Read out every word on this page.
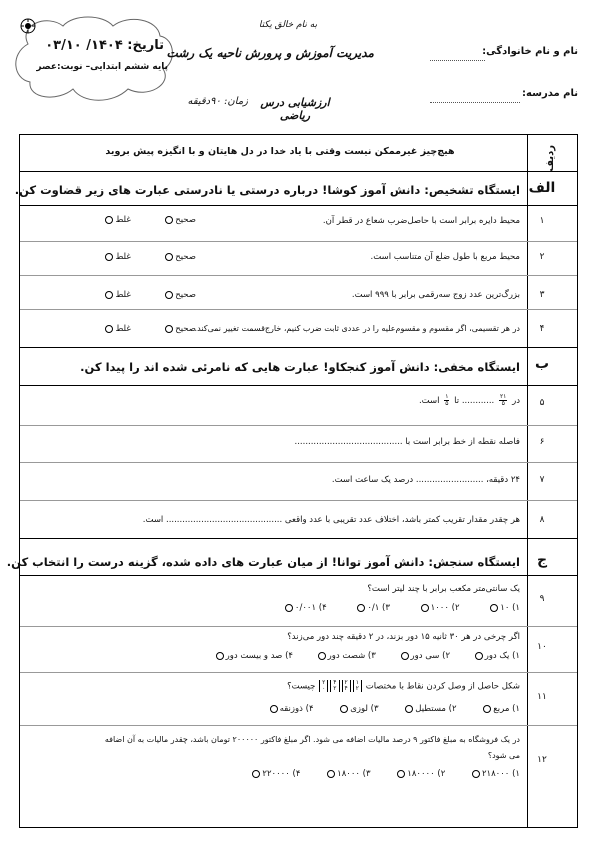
تاریخ: ۱۴۰۴/ ۰۳/۱۰
پایه ششم ابتدایی– نوبت:عصر
به نام خالق یکتا
مدیریت آموزش و پرورش ناحیه یک رشت
ارزشیابی درس ریاضی
زمان: ۹۰دقیقه
نام و نام خانوادگی:
نام مدرسه:
ردیف
هیچ‌چیز غیرممکن نیست وقتی با یاد خدا در دل هایتان و با انگیزه پیش بروید
الف
ایستگاه تشخیص: دانش آموز کوشا! درباره درستی یا نادرستی عبارت های زیر قضاوت کن.
۱
محیط دایره برابر است با حاصل‌ضرب شعاع در قطر آن.
صحیح            غلط
۲
محیط مربع با طول ضلع آن متناسب است.
صحیح            غلط
۳
بزرگ‌ترین عدد زوج سه‌رقمی برابر با ۹۹۹ است.
صحیح            غلط
۴
در هر تقسیمی، اگر مقسوم و مقسوم‌علیه را در عددی ثابت ضرب کنیم، خارج‌قسمت تغییر نمی‌کند.
صحیح            غلط
ب
ایستگاه مخفی: دانش آموز کنجکاو! عبارت هایی که نامرئی شده اند را پیدا کن.
۵
در
$\frac{۲۱}{۵}$
............ تا
$\frac{۱}{۵}$
است.
۶
فاصله نقطه از خط برابر است با ........................................
۷
۲۴ دقیقه، ......................... درصد یک ساعت است.
۸
هر چقدر مقدار تقریب کمتر باشد، اختلاف عدد تقریبی با عدد واقعی ........................................... است.
ج
ایستگاه سنجش: دانش آموز توانا! از میان عبارت های داده شده، گزینه درست را انتخاب کن.
۹
یک سانتی‌متر مکعب برابر با چند لیتر است؟
۱) ۱۰ ۲) ۱۰۰۰ ۳) ۰/۱ ۴) ۰/۰۰۱
۱۰
اگر چرخی در هر ۳۰ ثانیه ۱۵ دور بزند، در ۲ دقیقه چند دور می‌زند؟
۱) یک دور ۲) سی دور ۳) شصت دور ۴) صد و بیست دور
۱۱
شکل حاصل از وصل کردن نقاط با مختصات ۱
۲۲
۴۴
۲۲
۰ چیست؟
۱) مربع ۲) مستطیل ۳) لوزی ۴) ذوزنقه
۱۲
در یک فروشگاه به مبلغ فاکتور ۹ درصد مالیات اضافه می شود. اگر مبلغ فاکتور ۲۰۰۰۰۰ تومان باشد، چقدر مالیات به آن اضافه
می شود؟
۱) ۲۱۸۰۰۰ ۲) ۱۸۰۰۰۰ ۳) ۱۸۰۰۰ ۴) ۲۲۰۰۰۰
